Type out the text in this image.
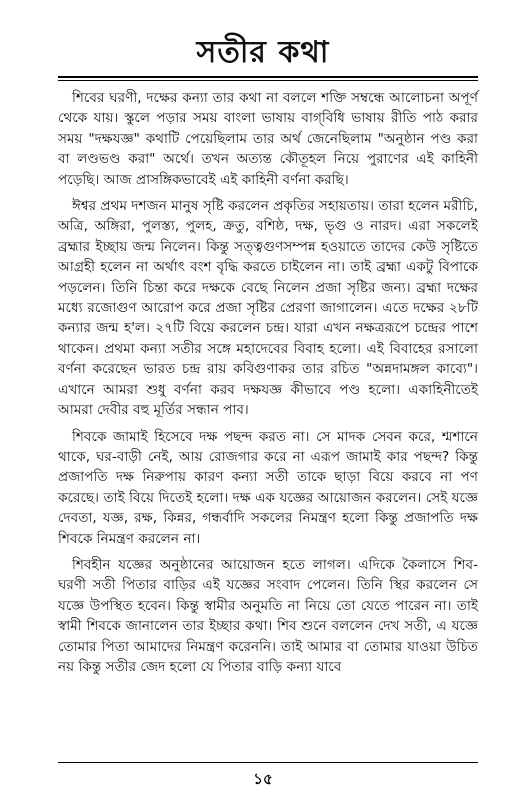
সতীর কথা

শিবের ঘরণী, দক্ষের কন্যা তার কথা না বললে শক্তি সম্বন্ধে আলোচনা অপূর্ণ থেকে যায়। স্কুলে পড়ার সময় বাংলা ভাষায় বাগ্‌বিধি ভাষায় রীতি পাঠ করার সময় "দক্ষযজ্ঞ" কথাটি পেয়েছিলাম তার অর্থ জেনেছিলাম "অনুষ্ঠান পণ্ড করা বা লণ্ডভণ্ড করা" অর্থে। তখন অত্যন্ত কৌতূহল নিয়ে পুরাণের এই কাহিনী পড়েছি। আজ প্রাসঙ্গিকভাবেই এই কাহিনী বর্ণনা করছি।

ঈশ্বর প্রথম দশজন মানুষ সৃষ্টি করলেন প্রকৃতির সহায়তায়। তারা হলেন মরীচি, অত্রি, অঙ্গিরা, পুলস্ত্য, পুলহ, ক্রতু, বশিষ্ঠ, দক্ষ, ভৃগু ও নারদ। এরা সকলেই ব্রহ্মার ইচ্ছায় জন্ম নিলেন। কিন্তু সত্ত্বগুণসম্পন্ন হওয়াতে তাদের কেউ সৃষ্টিতে আগ্রহী হলেন না অর্থাৎ বংশ বৃদ্ধি করতে চাইলেন না। তাই ব্রহ্মা একটু বিপাকে পড়লেন। তিনি চিন্তা করে দক্ষকে বেছে নিলেন প্রজা সৃষ্টির জন্য। ব্রহ্মা দক্ষের মধ্যে রজোগুণ আরোপ করে প্রজা সৃষ্টির প্রেরণা জাগালেন। এতে দক্ষের ২৮টি কন্যার জন্ম হ'ল। ২৭টি বিয়ে করলেন চন্দ্র। যারা এখন নক্ষত্ররূপে চন্দ্রের পাশে থাকেন। প্রথমা কন্যা সতীর সঙ্গে মহাদেবের বিবাহ হলো। এই বিবাহের রসালো বর্ণনা করেছেন ভারত চন্দ্র রায় কবিগুণাকর তার রচিত "অন্নদামঙ্গল কাব্যে"। এখানে আমরা শুধু বর্ণনা করব দক্ষযজ্ঞ কীভাবে পণ্ড হলো। একাহিনীতেই আমরা দেবীর বহু মূর্তির সন্ধান পাব।

শিবকে জামাই হিসেবে দক্ষ পছন্দ করত না। সে মাদক সেবন করে, শ্মশানে থাকে, ঘর-বাড়ী নেই, আয় রোজগার করে না এরূপ জামাই কার পছন্দ? কিন্তু প্রজাপতি দক্ষ নিরুপায় কারণ কন্যা সতী তাকে ছাড়া বিয়ে করবে না পণ করেছে। তাই বিয়ে দিতেই হলো। দক্ষ এক যজ্ঞের আয়োজন করলেন। সেই যজ্ঞে দেবতা, যজ্ঞ, রক্ষ, কিন্নর, গন্ধর্বাদি সকলের নিমন্ত্রণ হলো কিন্তু প্রজাপতি দক্ষ শিবকে নিমন্ত্রণ করলেন না।

শিবহীন যজ্ঞের অনুষ্ঠানের আয়োজন হতে লাগল। এদিকে কৈলাসে শিব-ঘরণী সতী পিতার বাড়ির এই যজ্ঞের সংবাদ পেলেন। তিনি স্থির করলেন সে যজ্ঞে উপস্থিত হবেন। কিন্তু স্বামীর অনুমতি না নিয়ে তো যেতে পারেন না। তাই স্বামী শিবকে জানালেন তার ইচ্ছার কথা। শিব শুনে বললেন দেখ সতী, এ যজ্ঞে তোমার পিতা আমাদের নিমন্ত্রণ করেননি। তাই আমার বা তোমার যাওয়া উচিত নয় কিন্তু সতীর জেদ হলো যে পিতার বাড়ি কন্যা যাবে

১৫
